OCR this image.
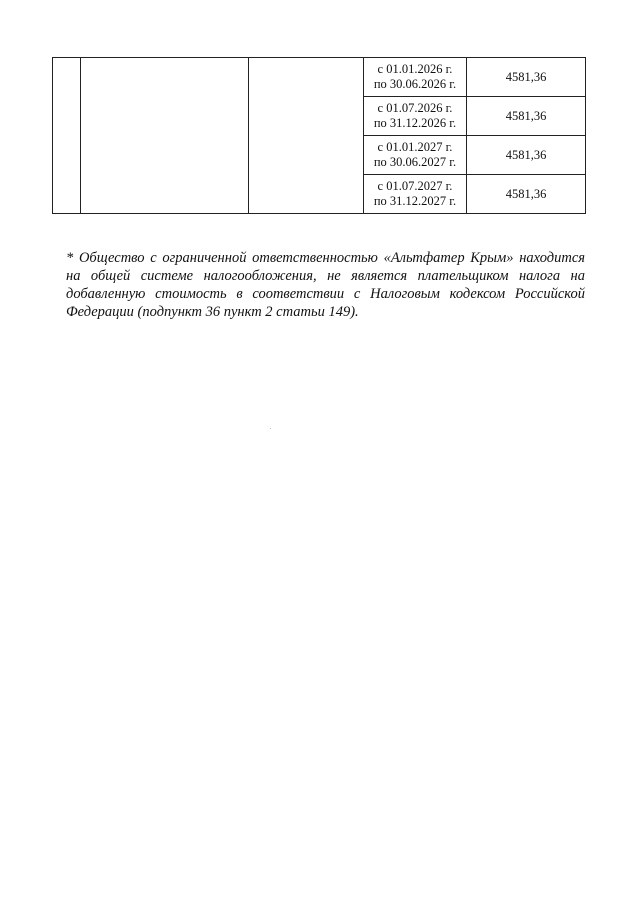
			с 01.01.2026 г.
по 30.06.2026 г.	4581,36

			с 01.07.2026 г.
по 31.12.2026 г.	4581,36

			с 01.01.2027 г.
по 30.06.2027 г.	4581,36

			с 01.07.2027 г.
по 31.12.2027 г.	4581,36

* Общество с ограниченной ответственностью «Альтфатер Крым» находится на общей системе налогообложения, не является плательщиком налога на добавленную стоимость в соответствии с Налоговым кодексом Российской Федерации (подпункт 36 пункт 2 статьи 149).
